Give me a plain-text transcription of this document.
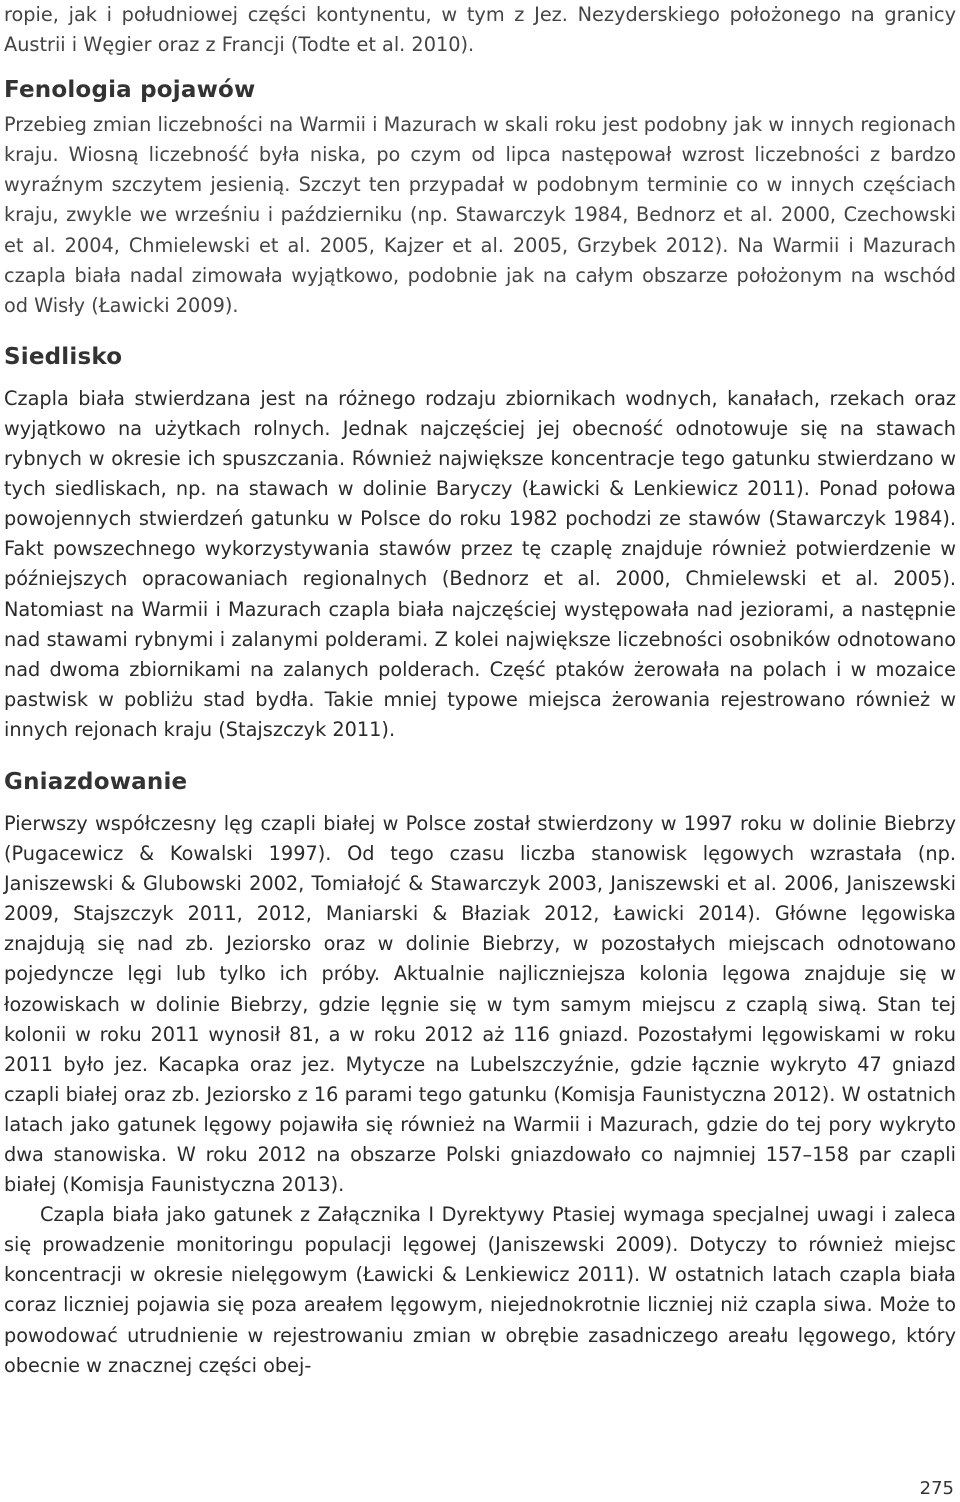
ropie, jak i południowej części kontynentu, w tym z Jez. Nezyderskiego położonego na granicy Austrii i Węgier oraz z Francji (Todte et al. 2010).

Fenologia pojawów

Przebieg zmian liczebności na Warmii i Mazurach w skali roku jest podobny jak w innych regionach kraju. Wiosną liczebność była niska, po czym od lipca następował wzrost liczebności z bardzo wyraźnym szczytem jesienią. Szczyt ten przypadał w podobnym terminie co w innych częściach kraju, zwykle we wrześniu i październiku (np. Stawarczyk 1984, Bednorz et al. 2000, Czechowski et al. 2004, Chmielewski et al. 2005, Kajzer et al. 2005, Grzybek 2012). Na Warmii i Mazurach czapla biała nadal zimowała wyjątkowo, podobnie jak na całym obszarze położonym na wschód od Wisły (Ławicki 2009).

Siedlisko

Czapla biała stwierdzana jest na różnego rodzaju zbiornikach wodnych, kanałach, rzekach oraz wyjątkowo na użytkach rolnych. Jednak najczęściej jej obecność odnotowuje się na stawach rybnych w okresie ich spuszczania. Również największe koncentracje tego gatunku stwierdzano w tych siedliskach, np. na stawach w dolinie Baryczy (Ławicki & Lenkiewicz 2011). Ponad połowa powojennych stwierdzeń gatunku w Polsce do roku 1982 pochodzi ze stawów (Stawarczyk 1984). Fakt powszechnego wykorzystywania stawów przez tę czaplę znajduje również potwierdzenie w późniejszych opracowaniach regionalnych (Bednorz et al. 2000, Chmielewski et al. 2005). Natomiast na Warmii i Mazurach czapla biała najczęściej występowała nad jeziorami, a następnie nad stawami rybnymi i zalanymi polderami. Z kolei największe liczebności osobników odnotowano nad dwoma zbiornikami na zalanych polderach. Część ptaków żerowała na polach i w mozaice pastwisk w pobliżu stad bydła. Takie mniej typowe miejsca żerowania rejestrowano również w innych rejonach kraju (Stajszczyk 2011).

Gniazdowanie

Pierwszy współczesny lęg czapli białej w Polsce został stwierdzony w 1997 roku w dolinie Biebrzy (Pugacewicz & Kowalski 1997). Od tego czasu liczba stanowisk lęgowych wzrastała (np. Janiszewski & Glubowski 2002, Tomiałojć & Stawarczyk 2003, Janiszewski et al. 2006, Janiszewski 2009, Stajszczyk 2011, 2012, Maniarski & Błaziak 2012, Ławicki 2014). Główne lęgowiska znajdują się nad zb. Jeziorsko oraz w dolinie Biebrzy, w pozostałych miejscach odnotowano pojedyncze lęgi lub tylko ich próby. Aktualnie najliczniejsza kolonia lęgowa znajduje się w łozowiskach w dolinie Biebrzy, gdzie lęgnie się w tym samym miejscu z czaplą siwą. Stan tej kolonii w roku 2011 wynosił 81, a w roku 2012 aż 116 gniazd. Pozostałymi lęgowiskami w roku 2011 było jez. Kacapka oraz jez. Mytycze na Lubelszczyźnie, gdzie łącznie wykryto 47 gniazd czapli białej oraz zb. Jeziorsko z 16 parami tego gatunku (Komisja Faunistyczna 2012). W ostatnich latach jako gatunek lęgowy pojawiła się również na Warmii i Mazurach, gdzie do tej pory wykryto dwa stanowiska. W roku 2012 na obszarze Polski gniazdowało co najmniej 157–158 par czapli białej (Komisja Faunistyczna 2013).

Czapla biała jako gatunek z Załącznika I Dyrektywy Ptasiej wymaga specjalnej uwagi i zaleca się prowadzenie monitoringu populacji lęgowej (Janiszewski 2009). Dotyczy to również miejsc koncentracji w okresie nielęgowym (Ławicki & Lenkiewicz 2011). W ostatnich latach czapla biała coraz liczniej pojawia się poza areałem lęgowym, niejednokrotnie liczniej niż czapla siwa. Może to powodować utrudnienie w rejestrowaniu zmian w obrębie zasadniczego areału lęgowego, który obecnie w znacznej części obej-

275
